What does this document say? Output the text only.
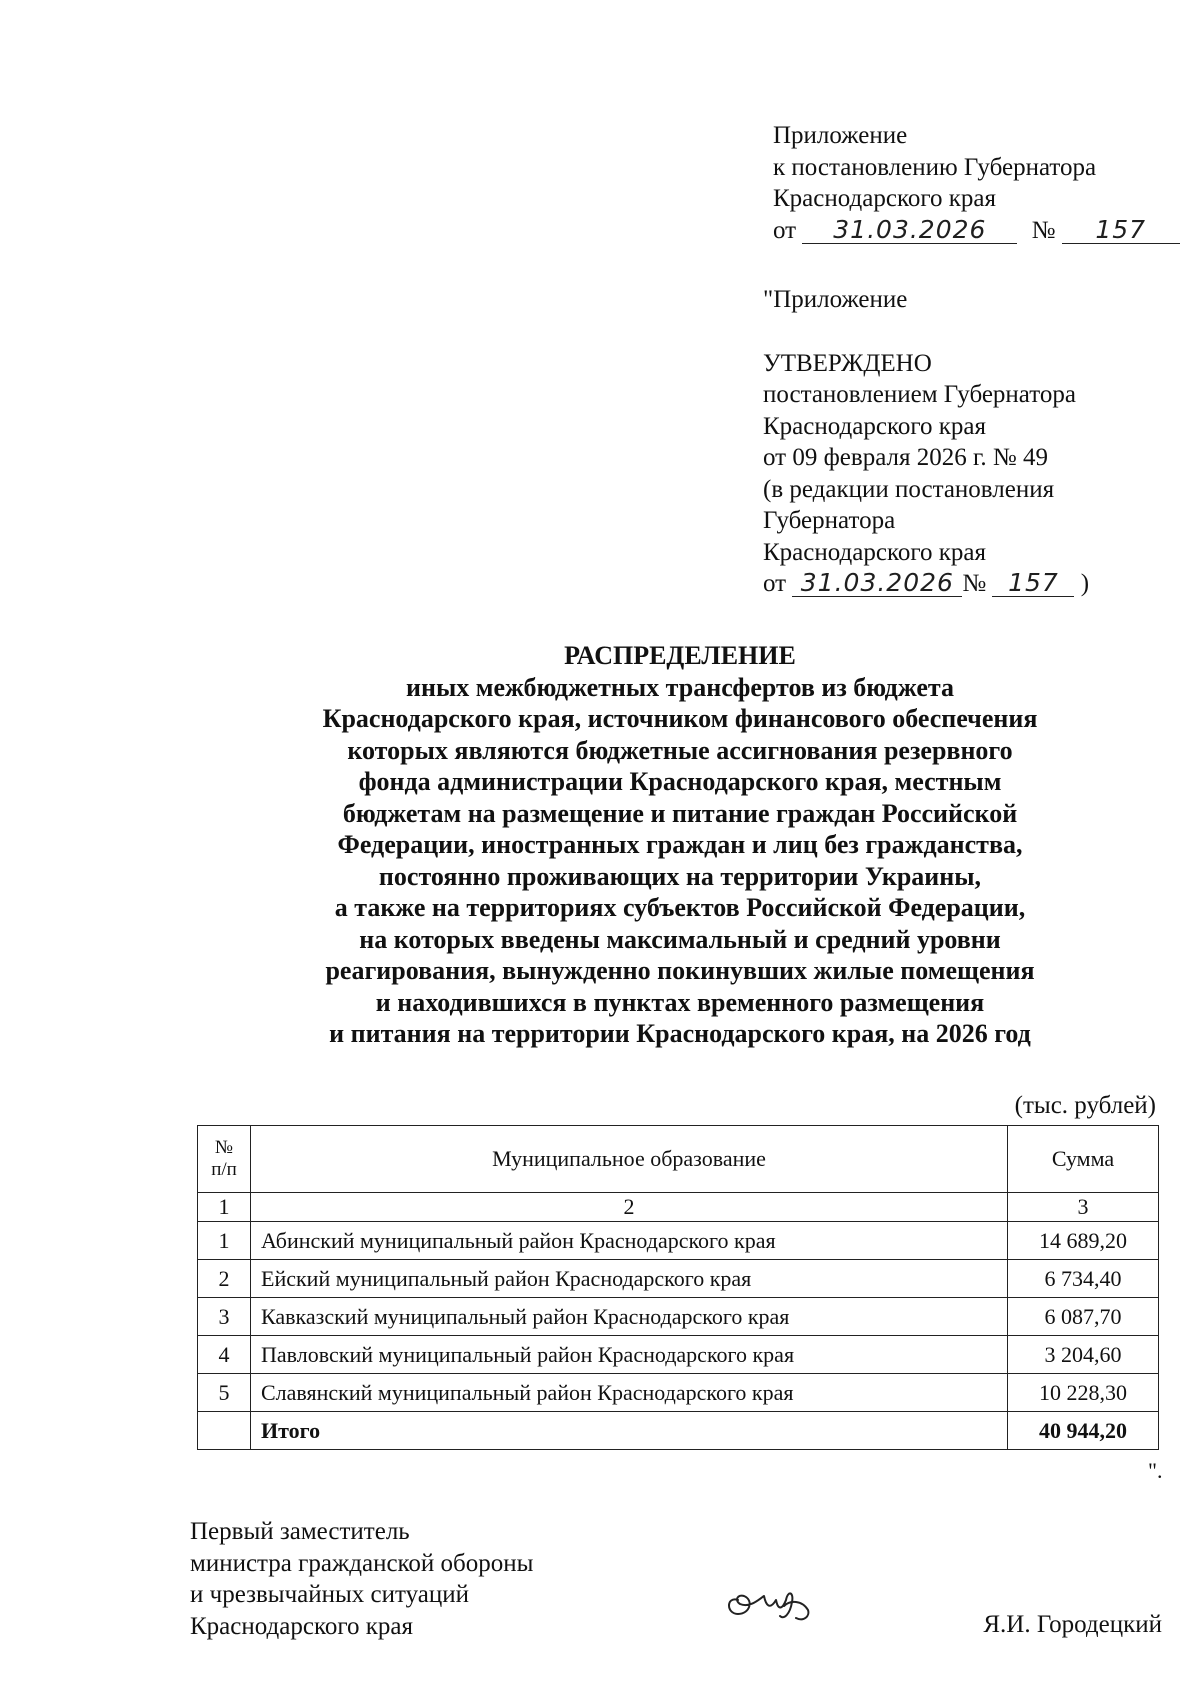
Приложение
к постановлению Губернатора
Краснодарского края
от 31.03.2026 № 157
"Приложение
УТВЕРЖДЕНО
постановлением Губернатора
Краснодарского края
от 09 февраля 2026 г. № 49
(в редакции постановления
Губернатора
Краснодарского края
от 31.03.2026 № 157 )
РАСПРЕДЕЛЕНИЕ
иных межбюджетных трансфертов из бюджета
Краснодарского края, источником финансового обеспечения
которых являются бюджетные ассигнования резервного
фонда администрации Краснодарского края, местным
бюджетам на размещение и питание граждан Российской
Федерации, иностранных граждан и лиц без гражданства,
постоянно проживающих на территории Украины,
а также на территориях субъектов Российской Федерации,
на которых введены максимальный и средний уровни
реагирования, вынужденно покинувших жилые помещения
и находившихся в пунктах временного размещения
и питания на территории Краснодарского края, на 2026 год
(тыс. рублей)
№
п/п	Муниципальное образование	Сумма
1	2	3
1	Абинский муниципальный район Краснодарского края	14 689,20
2	Ейский муниципальный район Краснодарского края	6 734,40
3	Кавказский муниципальный район Краснодарского края	6 087,70
4	Павловский муниципальный район Краснодарского края	3 204,60
5	Славянский муниципальный район Краснодарского края	10 228,30
	Итого	40 944,20
".
Первый заместитель
министра гражданской обороны
и чрезвычайных ситуаций
Краснодарского края	Я.И. Городецкий
